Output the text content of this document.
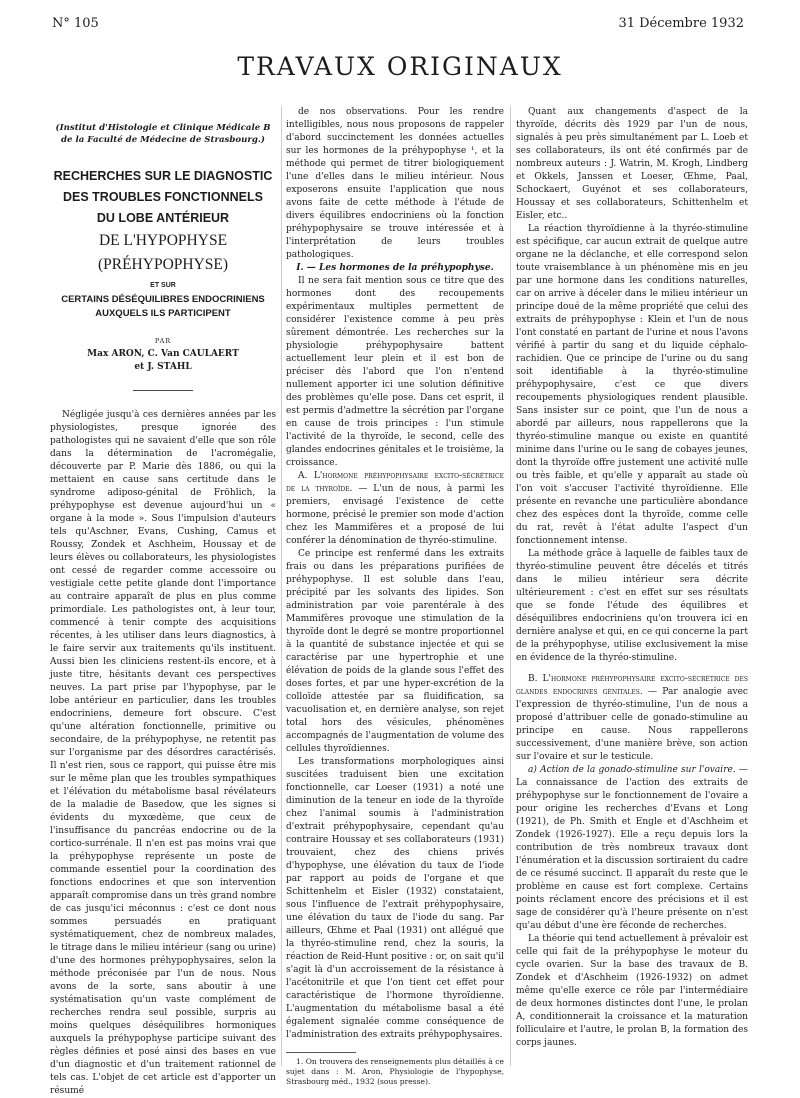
N° 105	31 Décembre 1932
TRAVAUX ORIGINAUX
(Institut d'Histologie et Clinique Médicale B de la Faculté de Médecine de Strasbourg.)
RECHERCHES SUR LE DIAGNOSTIC
DES TROUBLES FONCTIONNELS
DU LOBE ANTÉRIEUR
DE L'HYPOPHYSE
(PRÉHYPOPHYSE)
ET SUR
CERTAINS DÉSÉQUILIBRES ENDOCRINIENS
AUXQUELS ILS PARTICIPENT
PAR
Max ARON, C. Van CAULAERT
et J. STAHL

Négligée jusqu'à ces dernières années par les physiologistes, presque ignorée des pathologistes qui ne savaient d'elle que son rôle dans la détermination de l'acromégalie, découverte par P. Marie dès 1886, ou qui la mettaient en cause sans certitude dans le syndrome adiposo-génital de Fröhlich, la préhypophyse est devenue aujourd'hui un « organe à la mode ». Sous l'impulsion d'auteurs tels qu'Aschner, Evans, Cushing, Camus et Roussy, Zondek et Aschheim, Houssay et de leurs élèves ou collaborateurs, les physiologistes ont cessé de regarder comme accessoire ou vestigiale cette petite glande dont l'importance au contraire apparaît de plus en plus comme primordiale. Les pathologistes ont, à leur tour, commencé à tenir compte des acquisitions récentes, à les utiliser dans leurs diagnostics, à le faire servir aux traitements qu'ils instituent. Aussi bien les cliniciens restent-ils encore, et à juste titre, hésitants devant ces perspectives neuves. La part prise par l'hypophyse, par le lobe antérieur en particulier, dans les troubles endocriniens, demeure fort obscure. C'est qu'une altération fonctionnelle, primitive ou secondaire, de la préhypophyse, ne retentit pas sur l'organisme par des désordres caractérisés. Il n'est rien, sous ce rapport, qui puisse être mis sur le même plan que les troubles sympathiques et l'élévation du métabolisme basal révélateurs de la maladie de Basedow, que les signes si évidents du myxœdème, que ceux de l'insuffisance du pancréas endocrine ou de la cortico-surrénale. Il n'en est pas moins vrai que la préhypophyse représente un poste de commande essentiel pour la coordination des fonctions endocrines et que son intervention apparaît compromise dans un très grand nombre de cas jusqu'ici méconnus : c'est ce dont nous sommes persuadés en pratiquant systématiquement, chez de nombreux malades, le titrage dans le milieu intérieur (sang ou urine) d'une des hormones préhypophysaires, selon la méthode préconisée par l'un de nous. Nous avons de la sorte, sans aboutir à une systématisation qu'un vaste complément de recherches rendra seul possible, surpris au moins quelques déséquilibres hormoniques auxquels la préhypophyse participe suivant des règles définies et posé ainsi des bases en vue d'un diagnostic et d'un traitement rationnel de tels cas. L'objet de cet article est d'apporter un résumé

de nos observations. Pour les rendre intelligibles, nous nous proposons de rappeler d'abord succinctement les données actuelles sur les hormones de la préhypophyse ¹, et la méthode qui permet de titrer biologiquement l'une d'elles dans le milieu intérieur. Nous exposerons ensuite l'application que nous avons faite de cette méthode à l'étude de divers équilibres endocriniens où la fonction préhypophysaire se trouve intéressée et à l'interprétation de leurs troubles pathologiques.

I. — Les hormones de la préhypophyse.

Il ne sera fait mention sous ce titre que des hormones dont des recoupements expérimentaux multiples permettent de considérer l'existence comme à peu près sûrement démontrée. Les recherches sur la physiologie préhypophysaire battent actuellement leur plein et il est bon de préciser dès l'abord que l'on n'entend nullement apporter ici une solution définitive des problèmes qu'elle pose. Dans cet esprit, il est permis d'admettre la sécrétion par l'organe en cause de trois principes : l'un stimule l'activité de la thyroïde, le second, celle des glandes endocrines génitales et le troisième, la croissance.

A. L'hormone préhypophysaire excito-sécrétrice de la thyroïde. — L'un de nous, à parmi les premiers, envisagé l'existence de cette hormone, précisé le premier son mode d'action chez les Mammifères et a proposé de lui conférer la dénomination de thyréo-stimuline.

Ce principe est renfermé dans les extraits frais ou dans les préparations purifiées de préhypophyse. Il est soluble dans l'eau, précipité par les solvants des lipides. Son administration par voie parentérale à des Mammifères provoque une stimulation de la thyroïde dont le degré se montre proportionnel à la quantité de substance injectée et qui se caractérise par une hypertrophie et une élévation de poids de la glande sous l'effet des doses fortes, et par une hyper-excrétion de la colloïde attestée par sa fluidification, sa vacuolisation et, en dernière analyse, son rejet total hors des vésicules, phénomènes accompagnés de l'augmentation de volume des cellules thyroïdiennes.

Les transformations morphologiques ainsi suscitées traduisent bien une excitation fonctionnelle, car Loeser (1931) a noté une diminution de la teneur en iode de la thyroïde chez l'animal soumis à l'administration d'extrait préhypophysaire, cependant qu'au contraire Houssay et ses collaborateurs (1931) trouvaient, chez des chiens privés d'hypophyse, une élévation du taux de l'iode par rapport au poids de l'organe et que Schittenhelm et Eisler (1932) constataient, sous l'influence de l'extrait préhypophysaire, une élévation du taux de l'iode du sang. Par ailleurs, Œhme et Paal (1931) ont allégué que la thyréo-stimuline rend, chez la souris, la réaction de Reid-Hunt positive : or, on sait qu'il s'agit là d'un accroissement de la résistance à l'acétonitrile et que l'on tient cet effet pour caractéristique de l'hormone thyroïdienne. L'augmentation du métabolisme basal a été également signalée comme conséquence de l'administration des extraits préhypophysaires.

1. On trouvera des renseignements plus détaillés à ce sujet dans : M. Aron, Physiologie de l'hypophyse, Strasbourg méd., 1932 (sous presse).

Quant aux changements d'aspect de la thyroïde, décrits dès 1929 par l'un de nous, signalés à peu près simultanément par L. Loeb et ses collaborateurs, ils ont été confirmés par de nombreux auteurs : J. Watrin, M. Krogh, Lindberg et Okkels, Janssen et Loeser, Œhme, Paal, Schockaert, Guyénot et ses collaborateurs, Houssay et ses collaborateurs, Schittenhelm et Eisler, etc..

La réaction thyroïdienne à la thyréo-stimuline est spécifique, car aucun extrait de quelque autre organe ne la déclanche, et elle correspond selon toute vraisemblance à un phénomène mis en jeu par une hormone dans les conditions naturelles, car on arrive à déceler dans le milieu intérieur un principe doué de la même propriété que celui des extraits de préhypophyse : Klein et l'un de nous l'ont constaté en partant de l'urine et nous l'avons vérifié à partir du sang et du liquide céphalo-rachidien. Que ce principe de l'urine ou du sang soit identifiable à la thyréo-stimuline préhypophysaire, c'est ce que divers recoupements physiologiques rendent plausible. Sans insister sur ce point, que l'un de nous a abordé par ailleurs, nous rappellerons que la thyréo-stimuline manque ou existe en quantité minime dans l'urine ou le sang de cobayes jeunes, dont la thyroïde offre justement une activité nulle ou très faible, et qu'elle y apparaît au stade où l'on voit s'accuser l'activité thyroïdienne. Elle présente en revanche une particulière abondance chez des espèces dont la thyroïde, comme celle du rat, revêt à l'état adulte l'aspect d'un fonctionnement intense.

La méthode grâce à laquelle de faibles taux de thyréo-stimuline peuvent être décelés et titrés dans le milieu intérieur sera décrite ultérieurement : c'est en effet sur ses résultats que se fonde l'étude des équilibres et déséquilibres endocriniens qu'on trouvera ici en dernière analyse et qui, en ce qui concerne la part de la préhypophyse, utilise exclusivement la mise en évidence de la thyréo-stimuline.

B. L'hormone préhypophysaire excito-sécrétrice des glandes endocrines génitales. — Par analogie avec l'expression de thyréo-stimuline, l'un de nous a proposé d'attribuer celle de gonado-stimuline au principe en cause. Nous rappellerons successivement, d'une manière brève, son action sur l'ovaire et sur le testicule.

a) Action de la gonado-stimuline sur l'ovaire. — La connaissance de l'action des extraits de préhypophyse sur le fonctionnement de l'ovaire a pour origine les recherches d'Evans et Long (1921), de Ph. Smith et Engle et d'Aschheim et Zondek (1926-1927). Elle a reçu depuis lors la contribution de très nombreux travaux dont l'énumération et la discussion sortiraient du cadre de ce résumé succinct. Il apparaît du reste que le problème en cause est fort complexe. Certains points réclament encore des précisions et il est sage de considérer qu'à l'heure présente on n'est qu'au début d'une ère féconde de recherches.

La théorie qui tend actuellement à prévaloir est celle qui fait de la préhypophyse le moteur du cycle ovarien. Sur la base des travaux de B. Zondek et d'Aschheim (1926-1932) on admet même qu'elle exerce ce rôle par l'intermédiaire de deux hormones distinctes dont l'une, le prolan A, conditionnerait la croissance et la maturation folliculaire et l'autre, le prolan B, la formation des corps jaunes.
